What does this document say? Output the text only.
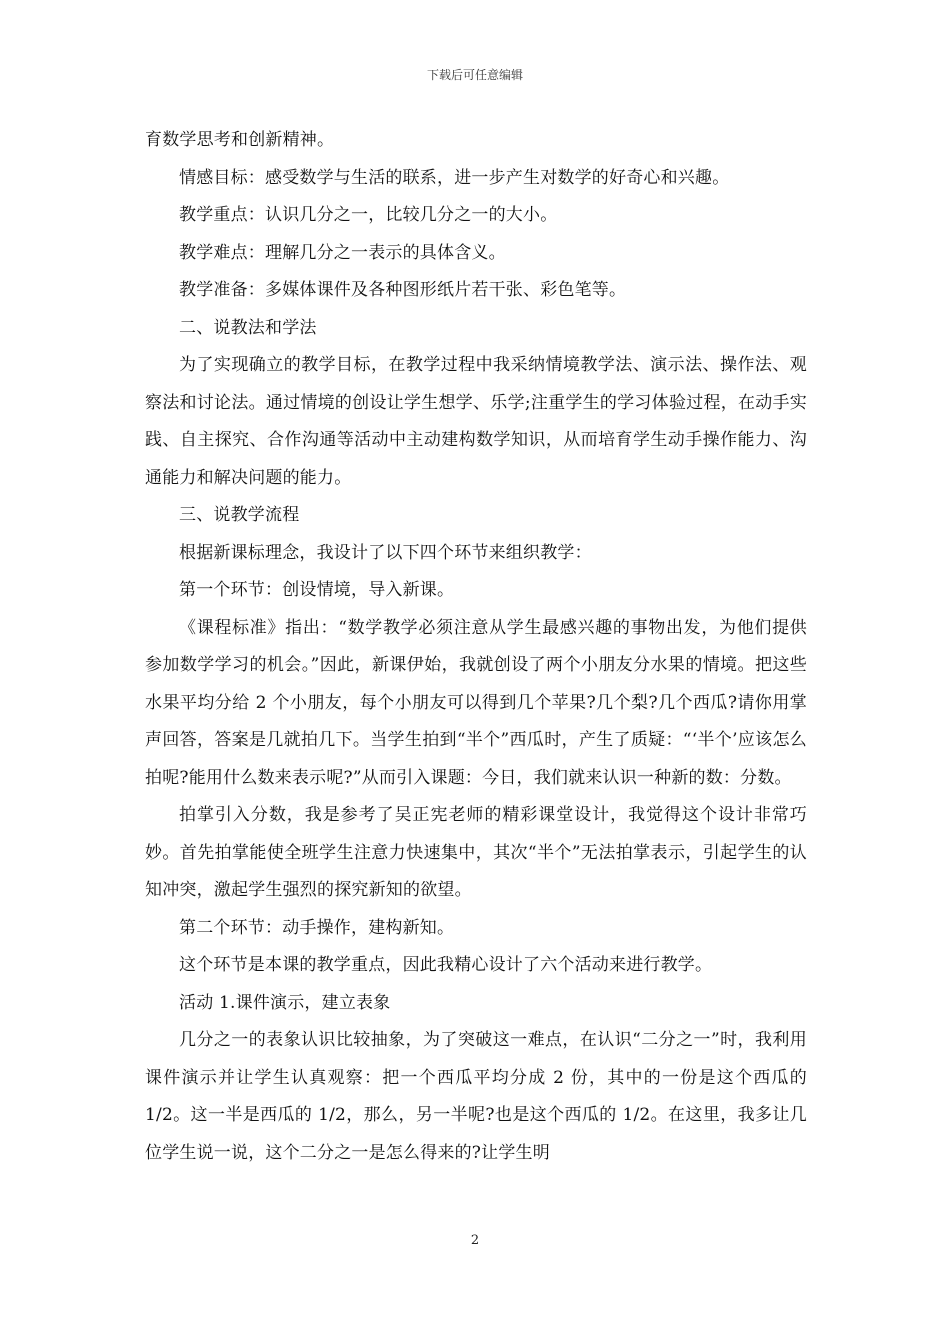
下载后可任意编辑

育数学思考和创新精神。

情感目标：感受数学与生活的联系，进一步产生对数学的好奇心和兴趣。

教学重点：认识几分之一，比较几分之一的大小。

教学难点：理解几分之一表示的具体含义。

教学准备：多媒体课件及各种图形纸片若干张、彩色笔等。

二、说教法和学法

为了实现确立的教学目标，在教学过程中我采纳情境教学法、演示法、操作法、观察法和讨论法。通过情境的创设让学生想学、乐学;注重学生的学习体验过程，在动手实践、自主探究、合作沟通等活动中主动建构数学知识，从而培育学生动手操作能力、沟通能力和解决问题的能力。

三、说教学流程

根据新课标理念，我设计了以下四个环节来组织教学：

第一个环节：创设情境，导入新课。

《课程标准》指出：“数学教学必须注意从学生最感兴趣的事物出发，为他们提供参加数学学习的机会。”因此，新课伊始，我就创设了两个小朋友分水果的情境。把这些水果平均分给 2 个小朋友，每个小朋友可以得到几个苹果?几个梨?几个西瓜?请你用掌声回答，答案是几就拍几下。当学生拍到“半个”西瓜时，产生了质疑：“‘半个’应该怎么拍呢?能用什么数来表示呢?”从而引入课题：今日，我们就来认识一种新的数：分数。

拍掌引入分数，我是参考了吴正宪老师的精彩课堂设计，我觉得这个设计非常巧妙。首先拍掌能使全班学生注意力快速集中，其次“半个”无法拍掌表示，引起学生的认知冲突，激起学生强烈的探究新知的欲望。

第二个环节：动手操作，建构新知。

这个环节是本课的教学重点，因此我精心设计了六个活动来进行教学。

活动 1.课件演示，建立表象

几分之一的表象认识比较抽象，为了突破这一难点，在认识“二分之一”时，我利用课件演示并让学生认真观察：把一个西瓜平均分成 2 份，其中的一份是这个西瓜的 1/2。这一半是西瓜的 1/2，那么，另一半呢?也是这个西瓜的 1/2。在这里，我多让几位学生说一说，这个二分之一是怎么得来的?让学生明

2
